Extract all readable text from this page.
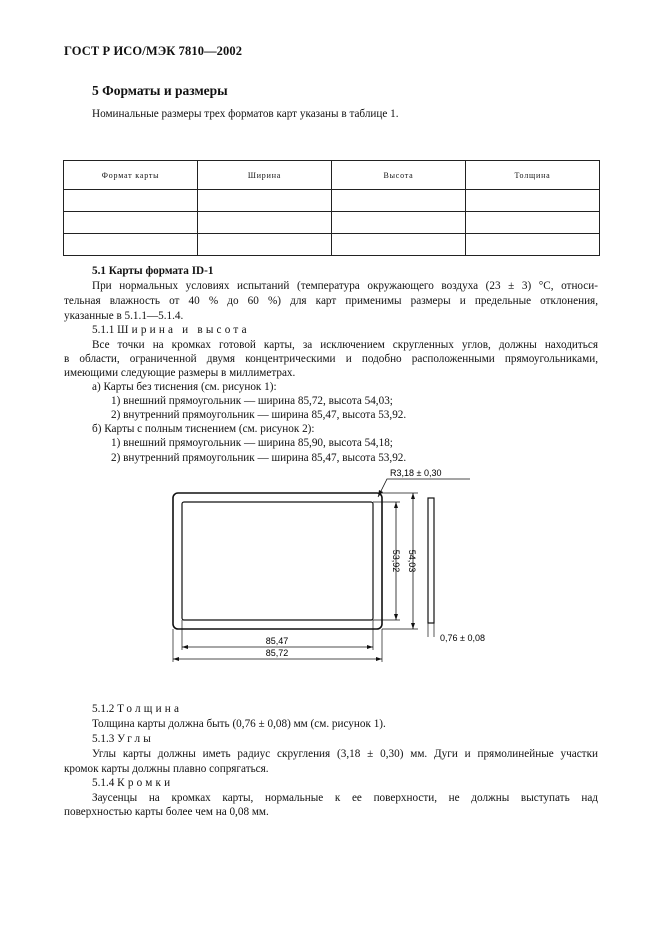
ГОСТ Р ИСО/МЭК 7810—2002
5 Форматы и размеры
Номинальные размеры трех форматов карт указаны в таблице 1.
Формат карты	Ширина	Высота	Толщина

5.1 Карты формата ID-1
При нормальных условиях испытаний (температура окружающего воздуха (23 ± 3) °С, относи-
тельная влажность от 40 % до 60 %) для карт применимы размеры и предельные отклонения,
указанные в 5.1.1—5.1.4.
5.1.1 Ширина и высота
Все точки на кромках готовой карты, за исключением скругленных углов, должны находиться
в области, ограниченной двумя концентрическими и подобно расположенными прямоугольниками,
имеющими следующие размеры в миллиметрах.
а) Карты без тиснения (см. рисунок 1):
1) внешний прямоугольник — ширина 85,72, высота 54,03;
2) внутренний прямоугольник — ширина 85,47, высота 53,92.
б) Карты с полным тиснением (см. рисунок 2):
1) внешний прямоугольник — ширина 85,90, высота 54,18;
2) внутренний прямоугольник — ширина 85,47, высота 53,92.
R3,18 ± 0,30
85,47
85,72
53,92 54,03
0,76 ± 0,08
5.1.2 Толщина
Толщина карты должна быть (0,76 ± 0,08) мм (см. рисунок 1).
5.1.3 Углы
Углы карты должны иметь радиус скругления (3,18 ± 0,30) мм. Дуги и прямолинейные участки
кромок карты должны плавно сопрягаться.
5.1.4 Кромки
Заусенцы на кромках карты, нормальные к ее поверхности, не должны выступать над
поверхностью карты более чем на 0,08 мм.
